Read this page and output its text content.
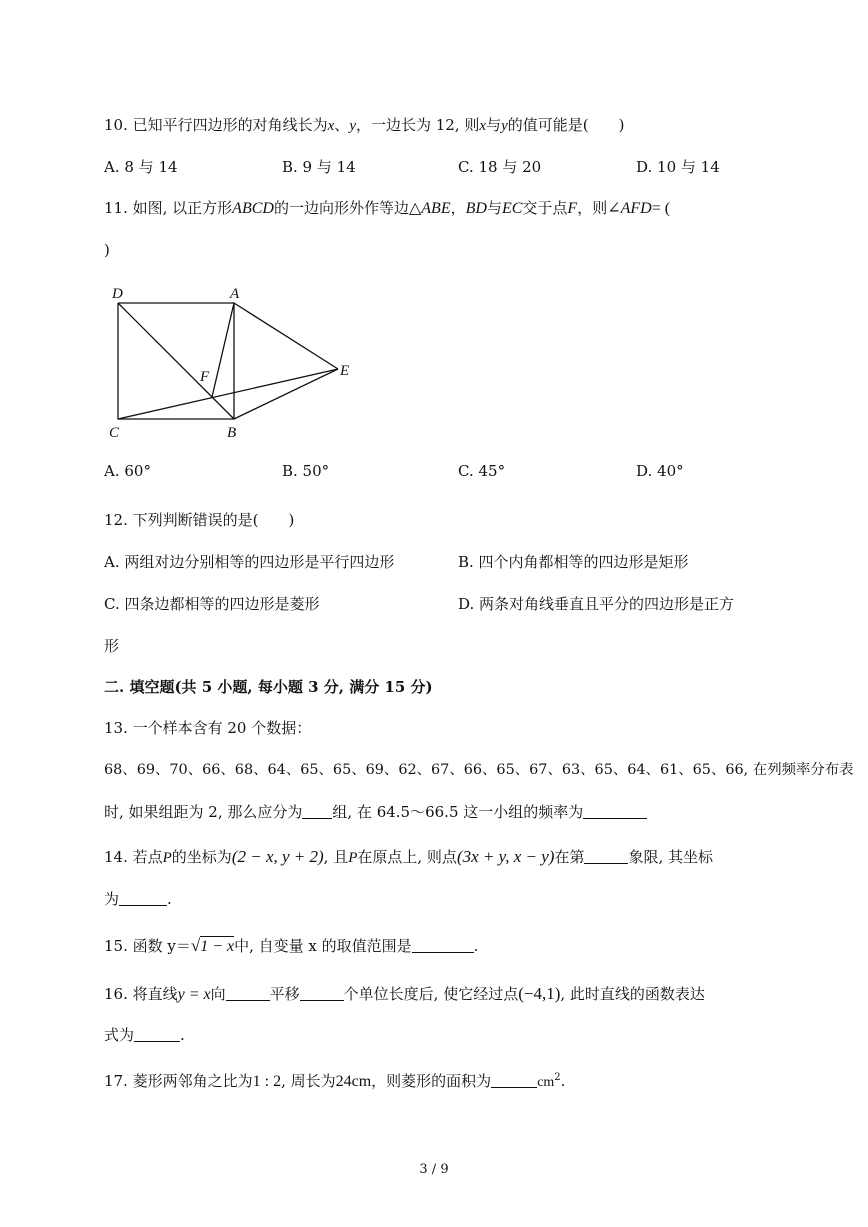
10. 已知平行四边形的对角线长为x、y，一边长为 12, 则x与y的值可能是(　　)
A. 8 与 14	B. 9 与 14	C. 18 与 20	D. 10 与 14
11. 如图, 以正方形ABCD的一边向形外作等边△ABE，BD与EC交于点F，则∠AFD= (
)
D	A
F	E
C	B
A. 60°	B. 50°	C. 45°	D. 40°
12. 下列判断错误的是(　　)
A. 两组对边分别相等的四边形是平行四边形	B. 四个内角都相等的四边形是矩形
C. 四条边都相等的四边形是菱形	D. 两条对角线垂直且平分的四边形是正方
形
二. 填空题(共 5 小题, 每小题 3 分, 满分 15 分)
13. 一个样本含有 20 个数据：
68、69、70、66、68、64、65、65、69、62、67、66、65、67、63、65、64、61、65、66, 在列频率分布表
时, 如果组距为 2, 那么应分为 组, 在 64.5～66.5 这一小组的频率为
14. 若点P的坐标为(2 − x, y + 2), 且P在原点上, 则点(3x + y, x − y)在第	象限, 其坐标
为	.
15. 函数 y＝√1 − x中, 自变量 x 的取值范围是	.
16. 将直线y = x向	平移	个单位长度后, 使它经过点(−4,1), 此时直线的函数表达
式为	.
17. 菱形两邻角之比为1 : 2, 周长为24cm，则菱形的面积为	$cm^2$.
3 / 9
